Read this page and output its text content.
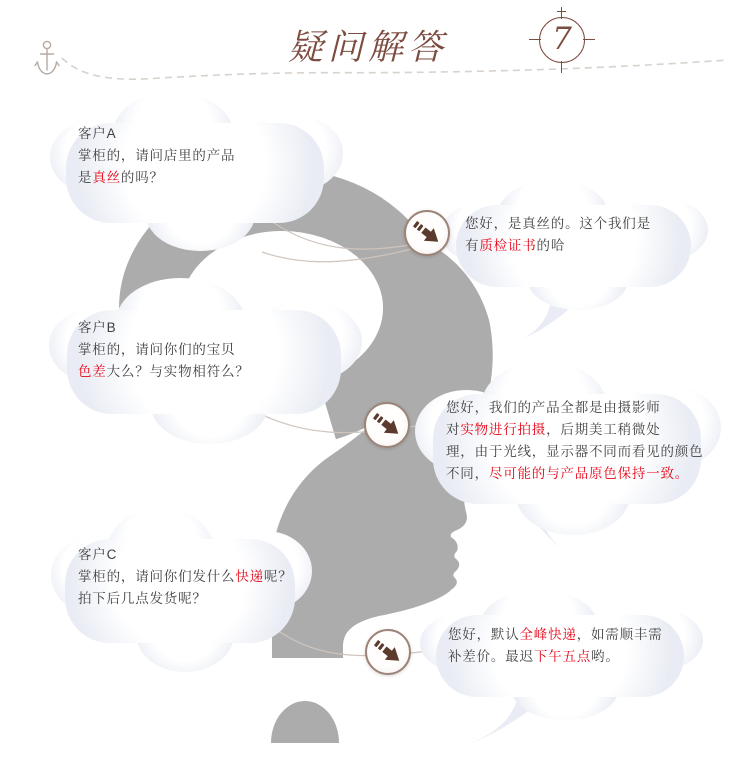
疑问解答	7
客户A
掌柜的，请问店里的产品
是真丝的吗？
您好，是真丝的。这个我们是
有质检证书的哈
客户B
掌柜的，请问你们的宝贝
色差大么？与实物相符么？
您好，我们的产品全都是由摄影师
对实物进行拍摄，后期美工稍微处
理，由于光线，显示器不同而看见的颜色
不同，尽可能的与产品原色保持一致。
客户C
掌柜的，请问你们发什么快递呢？
拍下后几点发货呢？
您好，默认全峰快递，如需顺丰需
补差价。最迟下午五点哟。
